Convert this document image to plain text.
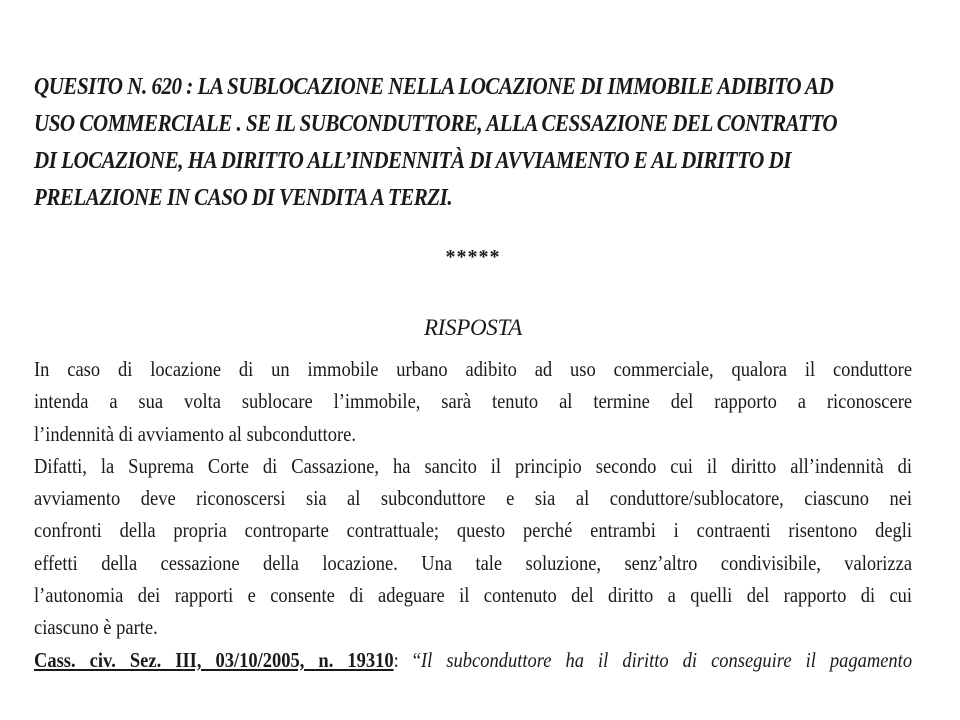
QUESITO N. 620 : LA SUBLOCAZIONE NELLA LOCAZIONE DI IMMOBILE ADIBITO AD
USO COMMERCIALE . SE IL SUBCONDUTTORE, ALLA CESSAZIONE DEL CONTRATTO
DI LOCAZIONE, HA DIRITTO ALL’INDENNITÀ DI AVVIAMENTO E AL DIRITTO DI
PRELAZIONE IN CASO DI VENDITA A TERZI.
*****
RISPOSTA
In caso di locazione di un immobile urbano adibito ad uso commerciale, qualora il conduttore
intenda a sua volta sublocare l’immobile, sarà tenuto al termine del rapporto a riconoscere
l’indennità di avviamento al subconduttore.
Difatti, la Suprema Corte di Cassazione, ha sancito il principio secondo cui il diritto all’indennità di
avviamento deve riconoscersi sia al subconduttore e sia al conduttore/sublocatore, ciascuno nei
confronti della propria controparte contrattuale; questo perché entrambi i contraenti risentono degli
effetti della cessazione della locazione. Una tale soluzione, senz’altro condivisibile, valorizza
l’autonomia dei rapporti e consente di adeguare il contenuto del diritto a quelli del rapporto di cui
ciascuno è parte.
Cass. civ. Sez. III, 03/10/2005, n. 19310: “Il subconduttore ha il diritto di conseguire il pagamento
